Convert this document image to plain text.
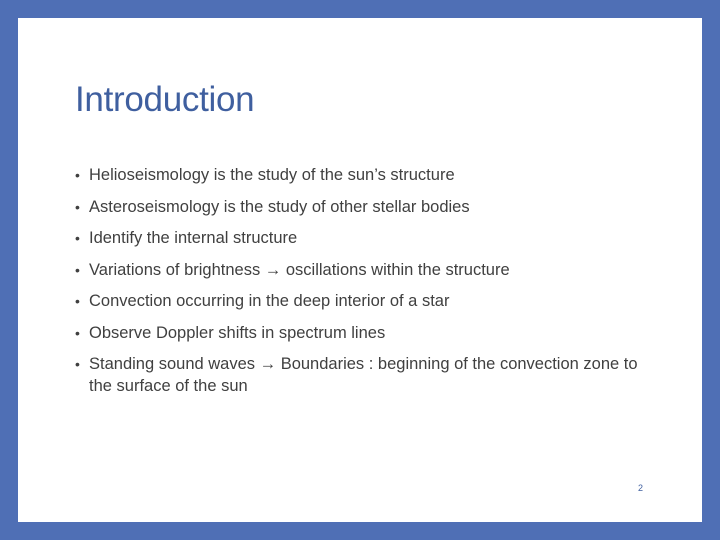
Introduction
• Helioseismology is the study of the sun’s structure
• Asteroseismology is the study of other stellar bodies
• Identify the internal structure
• Variations of brightness → oscillations within the structure
• Convection occurring in the deep interior of a star
• Observe Doppler shifts in spectrum lines
• Standing sound waves → Boundaries : beginning of the convection zone to the surface of the sun
2
